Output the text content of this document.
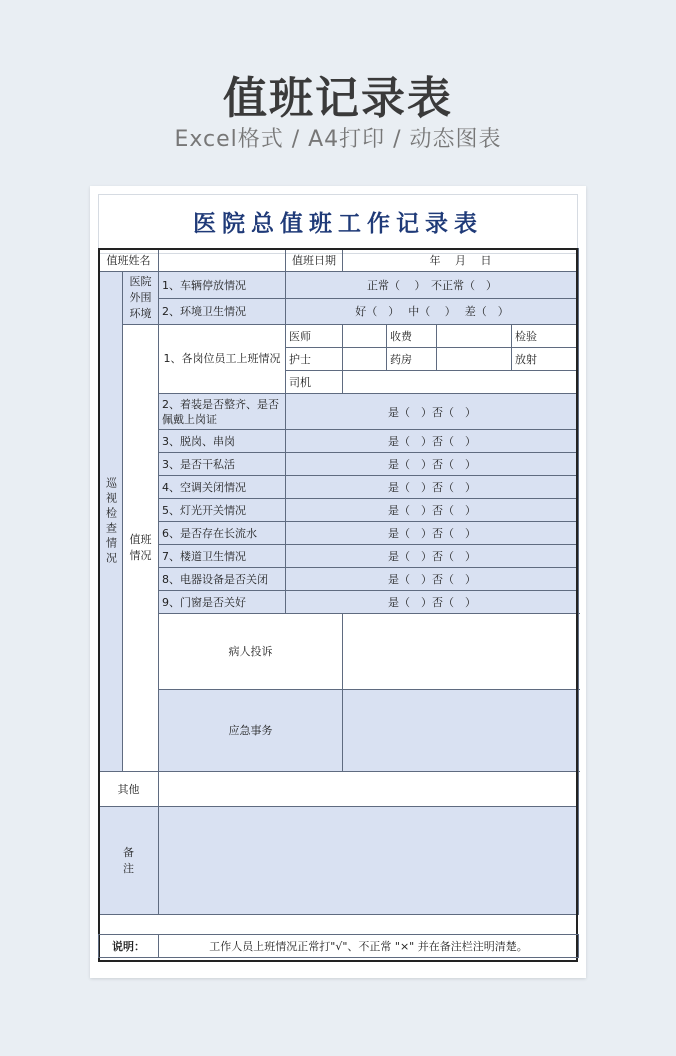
值班记录表
Excel格式 / A4打印 / 动态图表
医院总值班工作记录表
值班姓名			值班日期	年　 月　 日				
巡视检查情况	医院外围环境	1、车辆停放情况	正常（　 ）　不正常（　）					
		2、环境卫生情况	好（　）　 中（　 ）　 差（　）					
	值班情况	1、各岗位员工上班情况	医师		收费		检验	
			护士		药房		放射	
			司机					
		2、着装是否整齐、是否佩戴上岗证	是（　）否（　）					
		3、脱岗、串岗	是（　）否（　）					
		3、是否干私活	是（　）否（　）					
		4、空调关闭情况	是（　）否（　）					
		5、灯光开关情况	是（　）否（　）					
		6、是否存在长流水	是（　）否（　）					
		7、楼道卫生情况	是（　）否（　）					
		8、电器设备是否关闭	是（　）否（　）					
		9、门窗是否关好	是（　）否（　）					
		病人投诉						
		应急事务						
其他								
备注								
说明：	工作人员上班情况正常打"√"、不正常 "×" 并在备注栏注明清楚。
